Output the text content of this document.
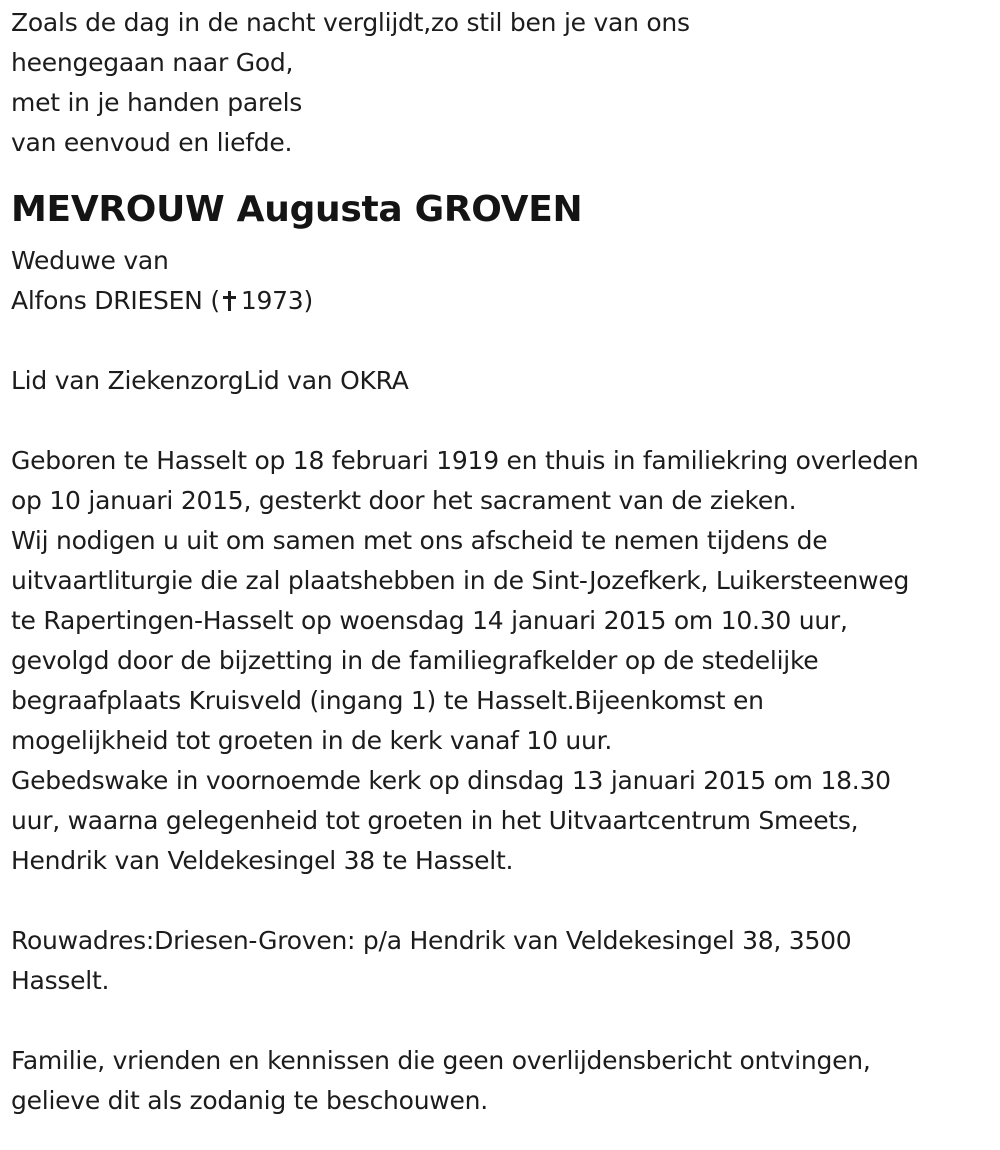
Zoals de dag in de nacht verglijdt,zo stil ben je van ons
heengegaan naar God,
met in je handen parels
van eenvoud en liefde.
MEVROUW Augusta GROVEN
Weduwe van
Alfons DRIESEN ( 1973)
Lid van ZiekenzorgLid van OKRA
Geboren te Hasselt op 18 februari 1919 en thuis in familiekring overleden
op 10 januari 2015, gesterkt door het sacrament van de zieken.
Wij nodigen u uit om samen met ons afscheid te nemen tijdens de
uitvaartliturgie die zal plaatshebben in de Sint-Jozefkerk, Luikersteenweg
te Rapertingen-Hasselt op woensdag 14 januari 2015 om 10.30 uur,
gevolgd door de bijzetting in de familiegrafkelder op de stedelijke
begraafplaats Kruisveld (ingang 1) te Hasselt.Bijeenkomst en
mogelijkheid tot groeten in de kerk vanaf 10 uur.
Gebedswake in voornoemde kerk op dinsdag 13 januari 2015 om 18.30
uur, waarna gelegenheid tot groeten in het Uitvaartcentrum Smeets,
Hendrik van Veldekesingel 38 te Hasselt.
Rouwadres:Driesen-Groven: p/a Hendrik van Veldekesingel 38, 3500
Hasselt.
Familie, vrienden en kennissen die geen overlijdensbericht ontvingen,
gelieve dit als zodanig te beschouwen.
